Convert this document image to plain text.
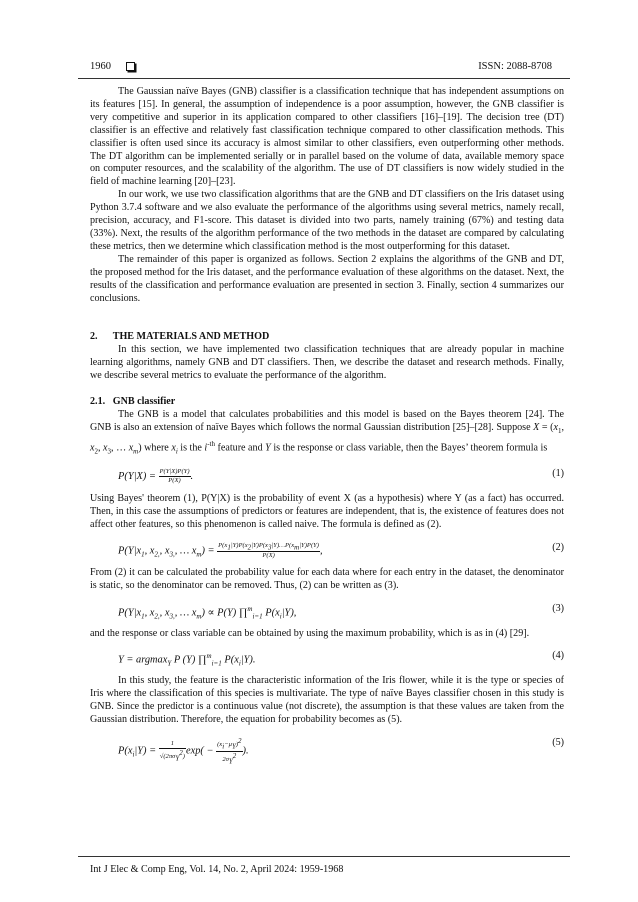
1960	ISSN: 2088-8708

The Gaussian naïve Bayes (GNB) classifier is a classification technique that has independent assumptions on its features [15]. In general, the assumption of independence is a poor assumption, however, the GNB classifier is very competitive and superior in its application compared to other classifiers [16]–[19]. The decision tree (DT) classifier is an effective and relatively fast classification technique compared to other classification methods. This classifier is often used since its accuracy is almost similar to other classifiers, even outperforming other methods. The DT algorithm can be implemented serially or in parallel based on the volume of data, available memory space on computer resources, and the scalability of the algorithm. The use of DT classifiers is now widely studied in the field of machine learning [20]–[23].

In our work, we use two classification algorithms that are the GNB and DT classifiers on the Iris dataset using Python 3.7.4 software and we also evaluate the performance of the algorithms using several metrics, namely recall, precision, accuracy, and F1-score. This dataset is divided into two parts, namely training (67%) and testing data (33%). Next, the results of the algorithm performance of the two methods in the dataset are compared by calculating these metrics, then we determine which classification method is the most outperforming for this dataset.

The remainder of this paper is organized as follows. Section 2 explains the algorithms of the GNB and DT, the proposed method for the Iris dataset, and the performance evaluation of these algorithms on the dataset. Next, the results of the classification and performance evaluation are presented in section 3. Finally, section 4 summarizes our conclusions.

2. THE MATERIALS AND METHOD

In this section, we have implemented two classification techniques that are already popular in machine learning algorithms, namely GNB and DT classifiers. Then, we describe the dataset and research methods. Finally, we describe several metrics to evaluate the performance of the algorithm.

2.1. GNB classifier

The GNB is a model that calculates probabilities and this model is based on the Bayes theorem [24]. The GNB is also an extension of naïve Bayes which follows the normal Gaussian distribution [25]–[28]. Suppose $X = (x_1$, $x_2$, $x_3$, … $x_m$) where $x_i$ is the $i^{-th}$ feature and Y is the response or class variable, then the Bayes’ theorem formula is

$P(Y|X) = \frac{P(Y|X)P(Y)}{P(X)}$ .	(1)

Using Bayes' theorem (1), P(Y|X) is the probability of event X (as a hypothesis) where Y (as a fact) has occurred. Then, in this case the assumptions of predictors or features are independent, that is, the existence of features does not affect other features, so this phenomenon is called naive. The formula is defined as (2).

$P(Y|x_1$, $x_{2,}$, $x_{3,}$, … $x_m) = \frac{P(x_1|Y)P(x_2|Y)P(x_3|Y)\dots P(x_m|Y)P(Y)}{P(X)}$ ,	(2)

From (2) it can be calculated the probability value for each data where for each entry in the dataset, the denominator is static, so the denominator can be removed. Thus, (2) can be written as (3).

$P(Y|x_1$, $x_{2,}$, $x_{3,}$, … $x_m) \propto P(Y)$ ∏$^m_{i=1}$ $P(x_i|Y)$,	(3)

and the response or class variable can be obtained by using the maximum probability, which is as in (4) [29].

Y = argmax$_Y$ P (Y) ∏$^m_{i=1}$ $P(x_i|Y)$.	(4)

In this study, the feature is the characteristic information of the Iris flower, while it is the type or species of Iris where the classification of this species is multivariate. The type of naïve Bayes classifier chosen in this study is GNB. Since the predictor is a continuous value (not discrete), the assumption is that these values are taken from the Gaussian distribution. Therefore, the equation for probability becomes as (5).

$P(x_i|Y) = \frac{1}{√(2\pi\sigma_Y^2)} \exp( - \frac{(x_i-\mu_Y)^2}{2\sigma_Y^2}$ ).
(5)
Int J Elec & Comp Eng, Vol. 14, No. 2, April 2024: 1959-1968
